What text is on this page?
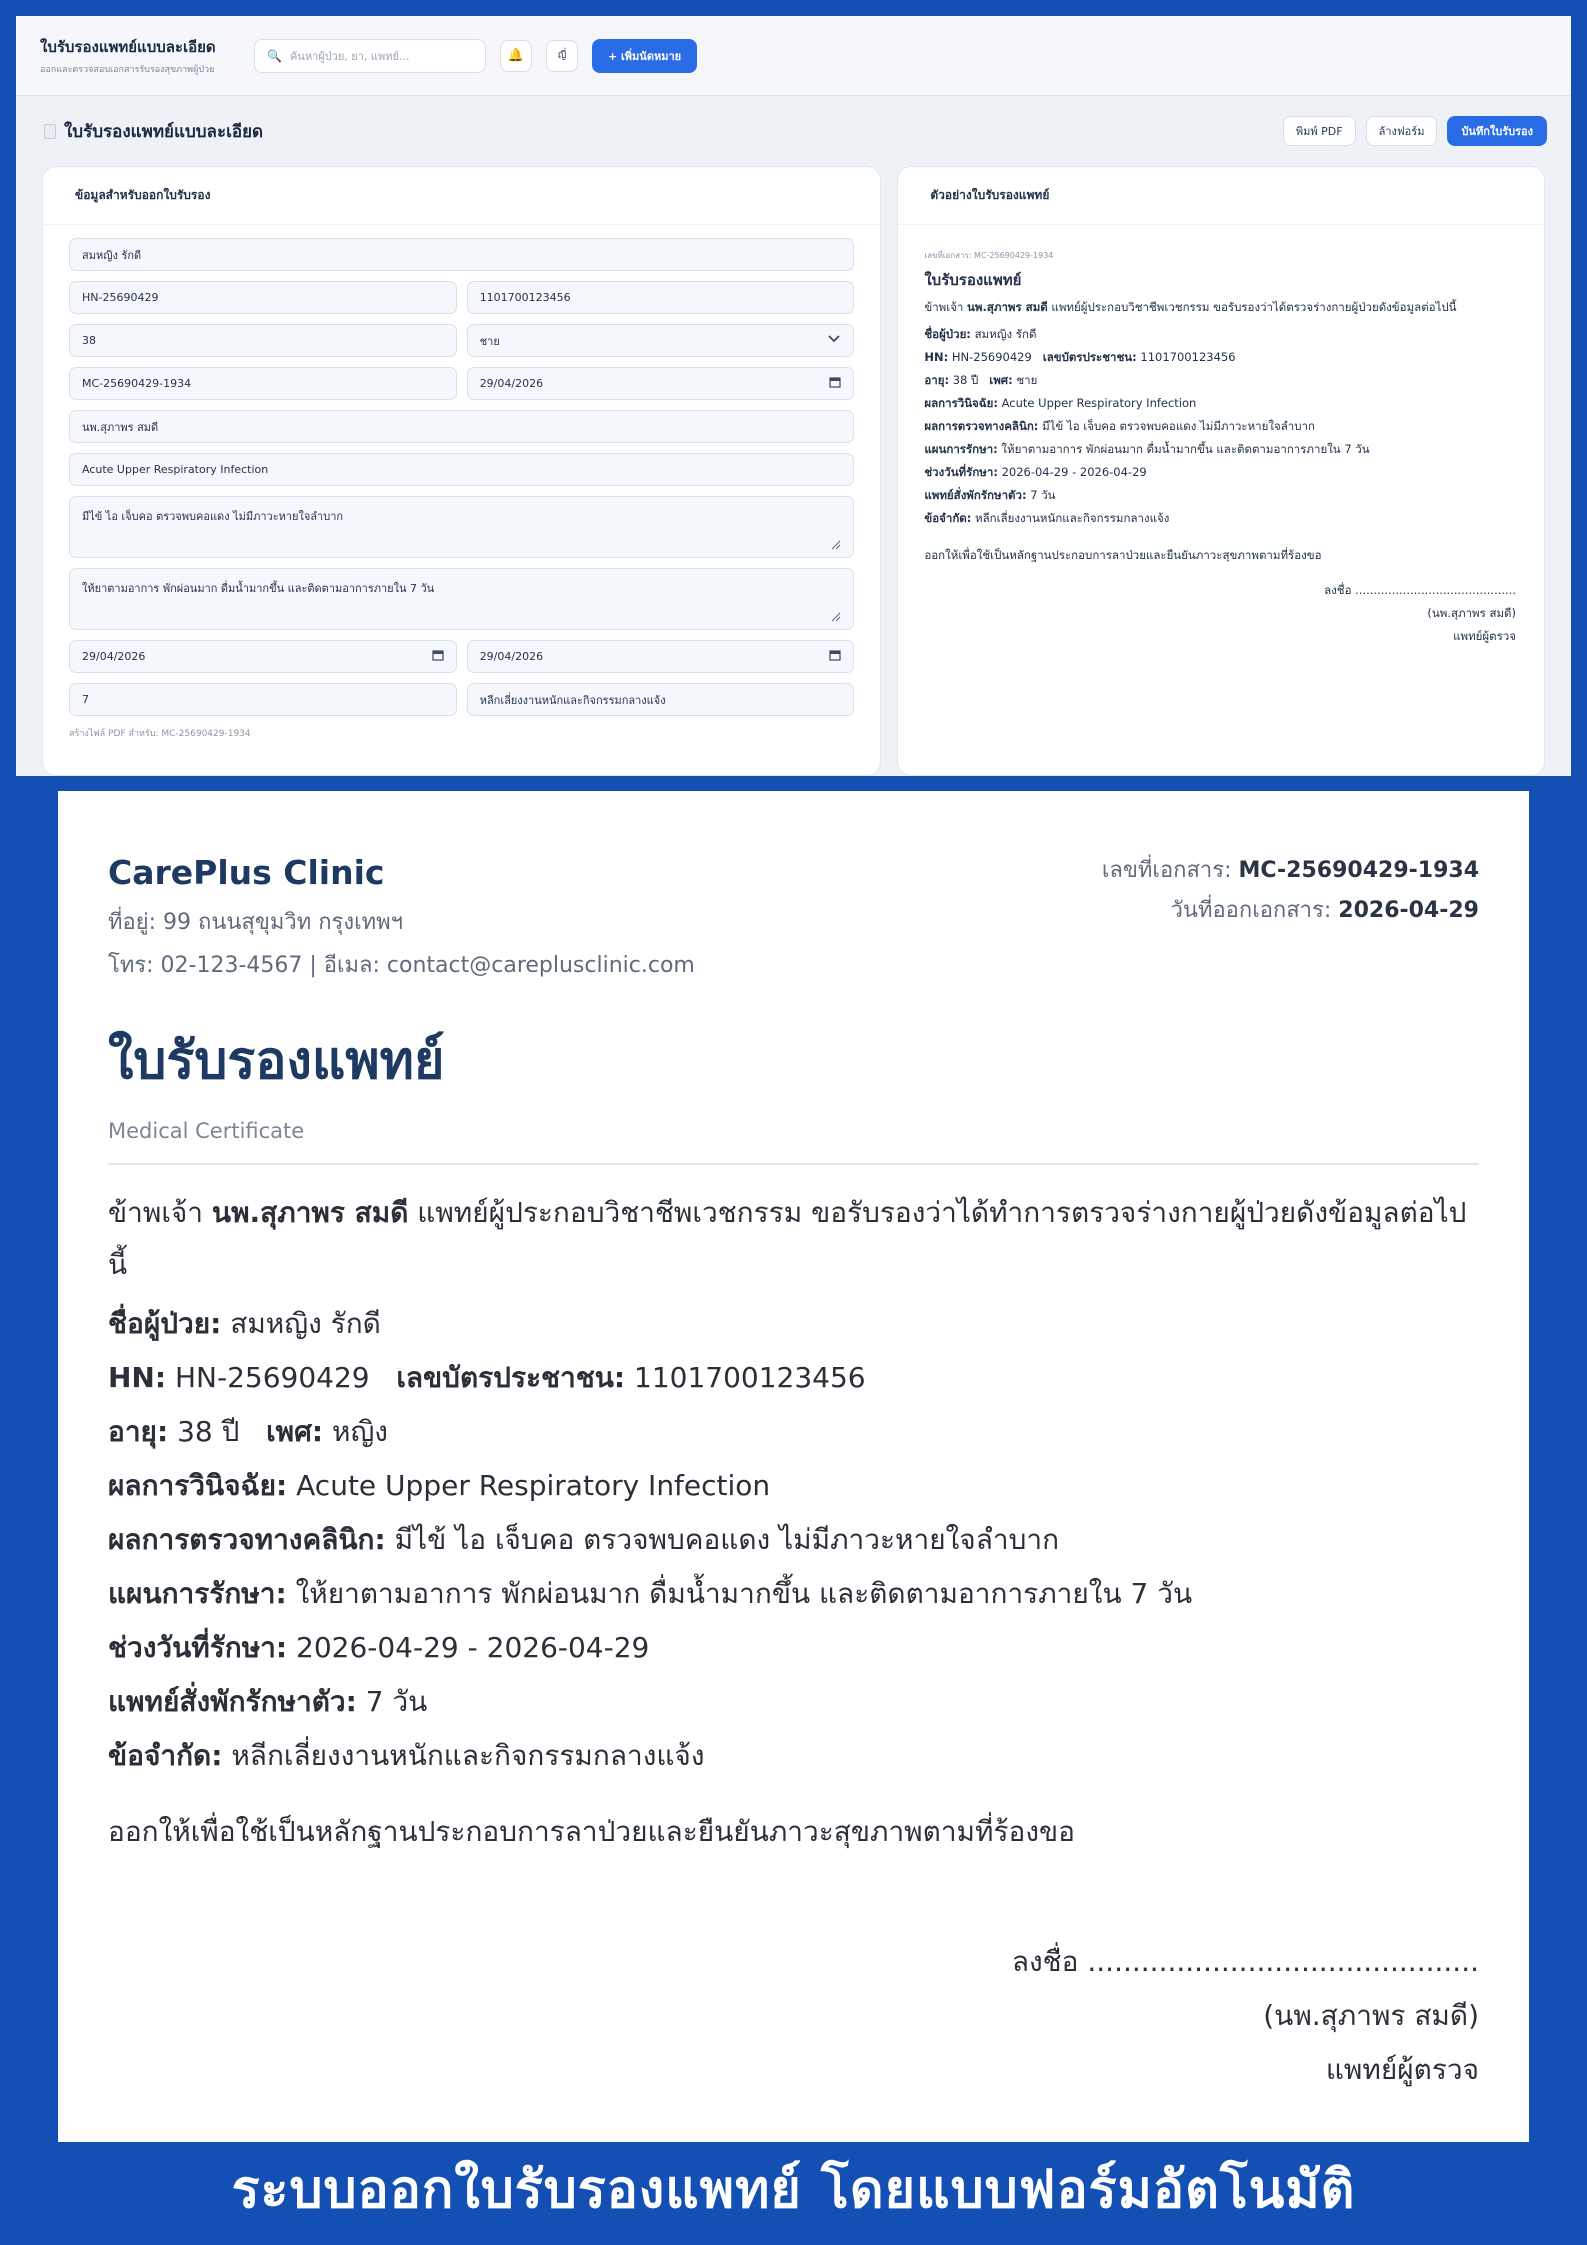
ใบรับรองแพทย์แบบละเอียด
ออกและตรวจสอบเอกสารรับรองสุขภาพผู้ป่วย
🔍 ค้นหาผู้ป่วย, ยา, แพทย์...	🔔	ญี่	+ เพิ่มนัดหมาย
ใบรับรองแพทย์แบบละเอียด	พิมพ์ PDF	ล้างฟอร์ม	บันทึกใบรับรอง
ข้อมูลสำหรับออกใบรับรอง
สมหญิง รักดี
HN-25690429	1101700123456
38	ชาย
MC-25690429-1934	29/04/2026
นพ.สุภาพร สมดี
Acute Upper Respiratory Infection
มีไข้ ไอ เจ็บคอ ตรวจพบคอแดง ไม่มีภาวะหายใจลำบาก
ให้ยาตามอาการ พักผ่อนมาก ดื่มน้ำมากขึ้น และติดตามอาการภายใน 7 วัน
29/04/2026	29/04/2026
7	หลีกเลี่ยงงานหนักและกิจกรรมกลางแจ้ง
สร้างไฟล์ PDF สำหรับ: MC-25690429-1934
ตัวอย่างใบรับรองแพทย์
เลขที่เอกสาร: MC-25690429-1934
ใบรับรองแพทย์
ข้าพเจ้า นพ.สุภาพร สมดี แพทย์ผู้ประกอบวิชาชีพเวชกรรม ขอรับรองว่าได้ตรวจร่างกายผู้ป่วยดังข้อมูลต่อไปนี้
ชื่อผู้ป่วย: สมหญิง รักดี
HN: HN-25690429 เลขบัตรประชาชน: 1101700123456
อายุ: 38 ปี เพศ: ชาย
ผลการวินิจฉัย: Acute Upper Respiratory Infection
ผลการตรวจทางคลินิก: มีไข้ ไอ เจ็บคอ ตรวจพบคอแดง ไม่มีภาวะหายใจลำบาก
แผนการรักษา: ให้ยาตามอาการ พักผ่อนมาก ดื่มน้ำมากขึ้น และติดตามอาการภายใน 7 วัน
ช่วงวันที่รักษา: 2026-04-29 - 2026-04-29
แพทย์สั่งพักรักษาตัว: 7 วัน
ข้อจำกัด: หลีกเลี่ยงงานหนักและกิจกรรมกลางแจ้ง
ออกให้เพื่อใช้เป็นหลักฐานประกอบการลาป่วยและยืนยันภาวะสุขภาพตามที่ร้องขอ
ลงชื่อ ............................................
(นพ.สุภาพร สมดี)
แพทย์ผู้ตรวจ
CarePlus Clinic
ที่อยู่: 99 ถนนสุขุมวิท กรุงเทพฯ
โทร: 02-123-4567 | อีเมล: contact@careplusclinic.com
เลขที่เอกสาร: MC-25690429-1934
วันที่ออกเอกสาร: 2026-04-29
ใบรับรองแพทย์
Medical Certificate
ข้าพเจ้า นพ.สุภาพร สมดี แพทย์ผู้ประกอบวิชาชีพเวชกรรม ขอรับรองว่าได้ทำการตรวจร่างกายผู้ป่วยดังข้อมูลต่อไปนี้
ชื่อผู้ป่วย: สมหญิง รักดี
HN: HN-25690429 เลขบัตรประชาชน: 1101700123456
อายุ: 38 ปี เพศ: หญิง
ผลการวินิจฉัย: Acute Upper Respiratory Infection
ผลการตรวจทางคลินิก: มีไข้ ไอ เจ็บคอ ตรวจพบคอแดง ไม่มีภาวะหายใจลำบาก
แผนการรักษา: ให้ยาตามอาการ พักผ่อนมาก ดื่มน้ำมากขึ้น และติดตามอาการภายใน 7 วัน
ช่วงวันที่รักษา: 2026-04-29 - 2026-04-29
แพทย์สั่งพักรักษาตัว: 7 วัน
ข้อจำกัด: หลีกเลี่ยงงานหนักและกิจกรรมกลางแจ้ง
ออกให้เพื่อใช้เป็นหลักฐานประกอบการลาป่วยและยืนยันภาวะสุขภาพตามที่ร้องขอ
ลงชื่อ ............................................
(นพ.สุภาพร สมดี)
แพทย์ผู้ตรวจ
ระบบออกใบรับรองแพทย์ โดยแบบฟอร์มอัตโนมัติ
